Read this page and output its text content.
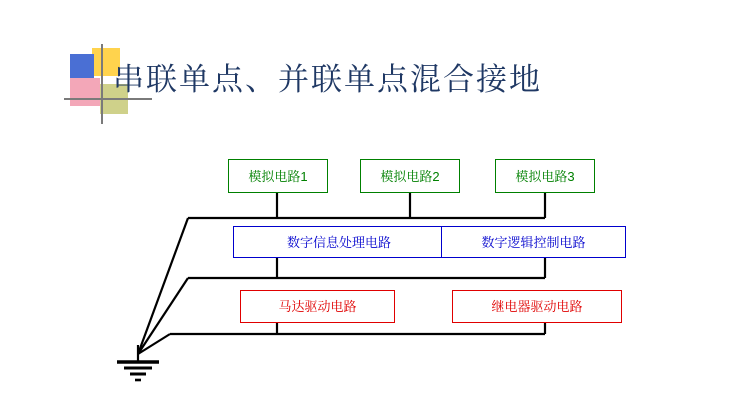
串联单点、并联单点混合接地
模拟电路1	模拟电路2	模拟电路3
数字信息处理电路	数字逻辑控制电路
马达驱动电路	继电器驱动电路
